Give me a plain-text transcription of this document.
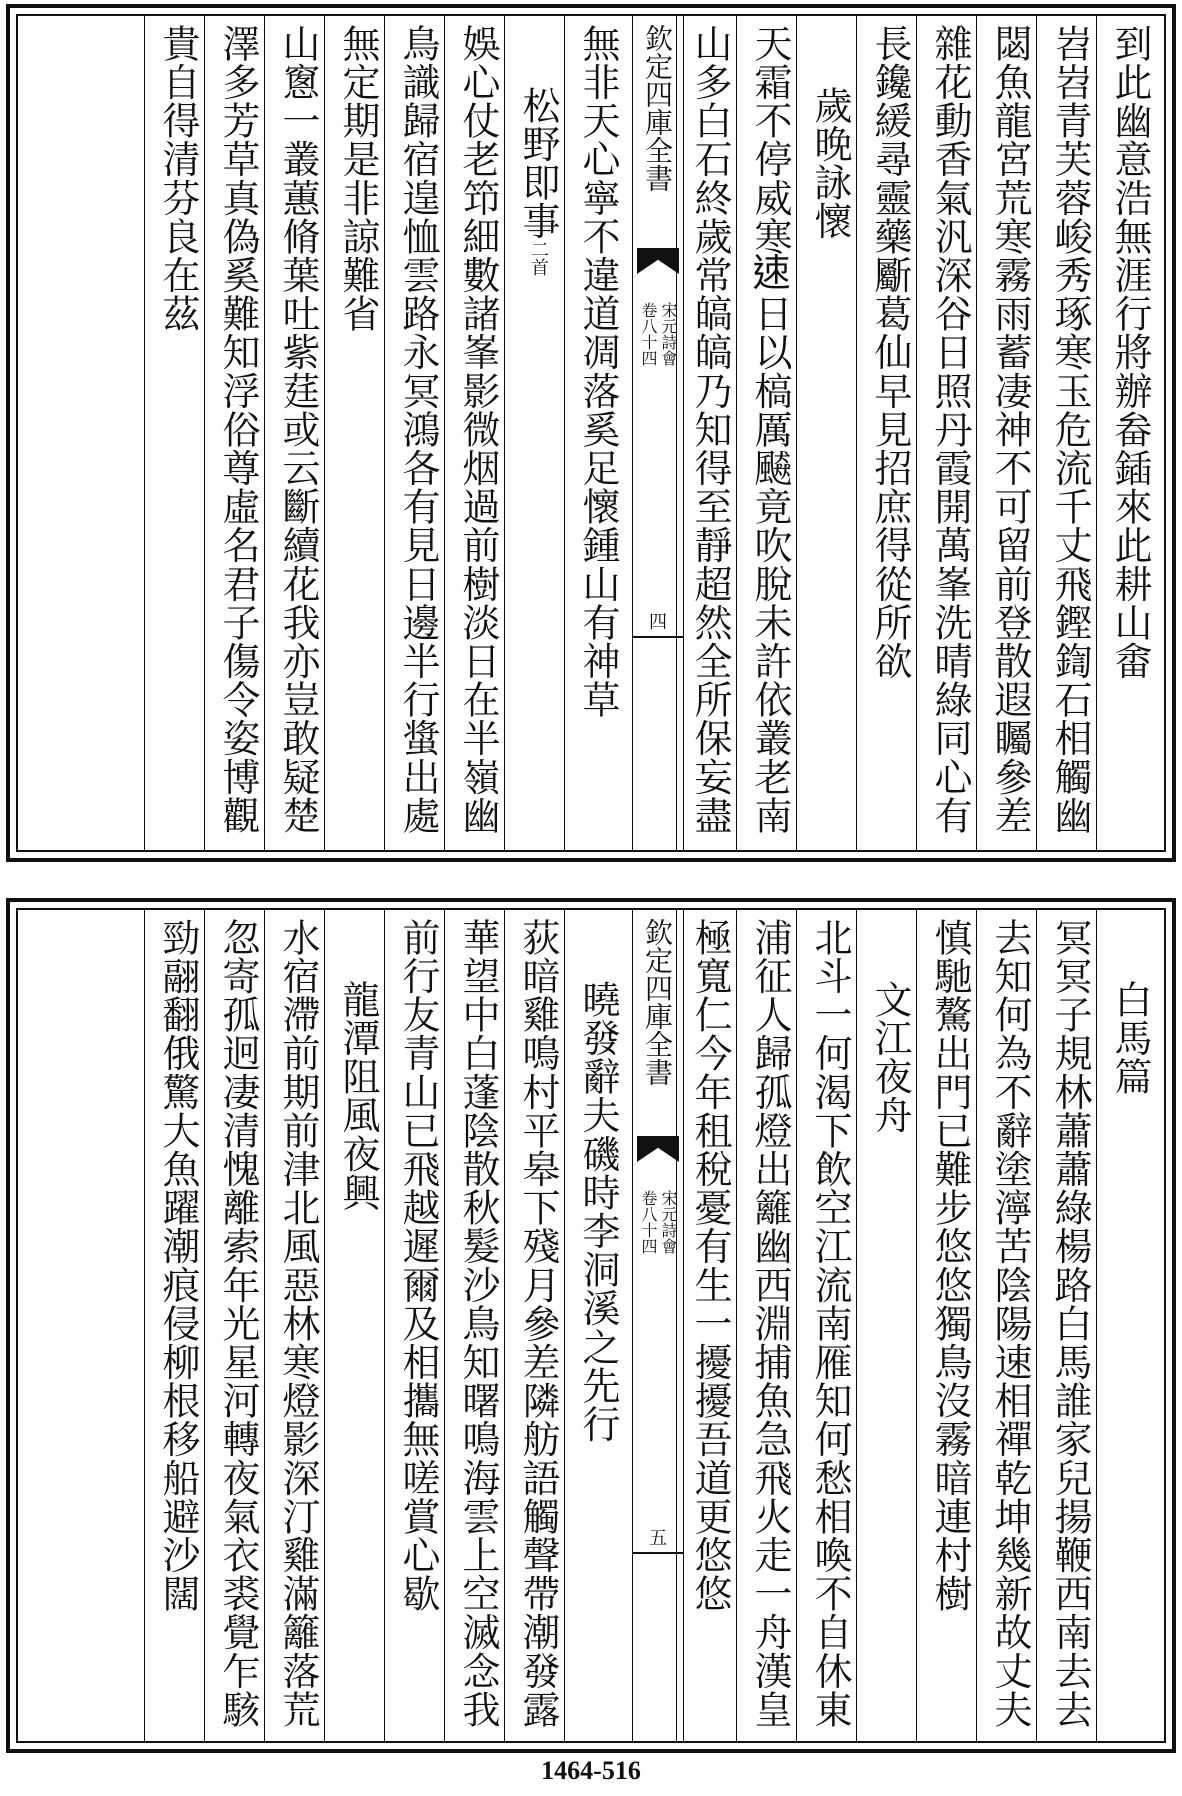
到此幽意浩無涯行將辦畚鍤來此耕山畬
岧岧青芙蓉峻秀琢寒玉危流千丈飛鏗鍧石相觸幽
閟魚龍宮荒寒霧雨蓄凄神不可留前登散遐矚參差
雜花動香氣汎深谷日照丹霞開萬峯洗晴綠同心有
長鑱緩尋靈藥斸葛仙早見招庶得從所欲
歲晚詠懷
天霜不停威寒𨒪日以槁厲飇竟吹脫未許依叢老南
山多白石終歲常皜皜乃知得至靜超然全所保妄盡
欽定四庫全書
宋元詩會
卷八十四
四
無非天心寧不違道凋落奚足懷鍾山有神草
松野即事二首
娛心仗老笻細數諸峯影微烟過前樹淡日在半嶺幽
鳥識歸宿遑恤雲路永冥鴻各有見日邊半行螀出處
無定期是非諒難省
山窻一叢蕙脩葉吐紫莛或云斷續花我亦豈敢疑楚
澤多芳草真偽奚難知浮俗尊虛名君子傷令姿博觀
貴自得清芬良在茲
白馬篇
冥冥子規林蕭蕭綠楊路白馬誰家兒揚鞭西南去去
去知何為不辭塗濘苦陰陽速相禪乾坤幾新故丈夫
慎馳驁出門已難步悠悠獨鳥沒霧暗連村樹
文江夜舟
北斗一何渴下飲空江流南雁知何愁相喚不自休東
浦征人歸孤燈出籬幽西淵捕魚急飛火走一舟漢皇
極寬仁今年租稅憂有生一擾擾吾道更悠悠
欽定四庫全書
宋元詩會
卷八十四
五
曉發辭夫磯時李洞溪之先行
荻暗雞鳴村平皋下殘月參差隣舫語觸聲帶潮發露
華望中白蓬陰散秋髮沙鳥知曙鳴海雲上空滅念我
前行友青山已飛越遲爾及相攜無嗟賞心歇
龍潭阻風夜興
水宿滯前期前津北風惡林寒燈影深汀雞滿籬落荒
忽寄孤迥凄清愧離索年光星河轉夜氣衣裘覺乍駭
勁翮翻俄驚大魚躍潮痕侵柳根移船避沙闊
1464-516
